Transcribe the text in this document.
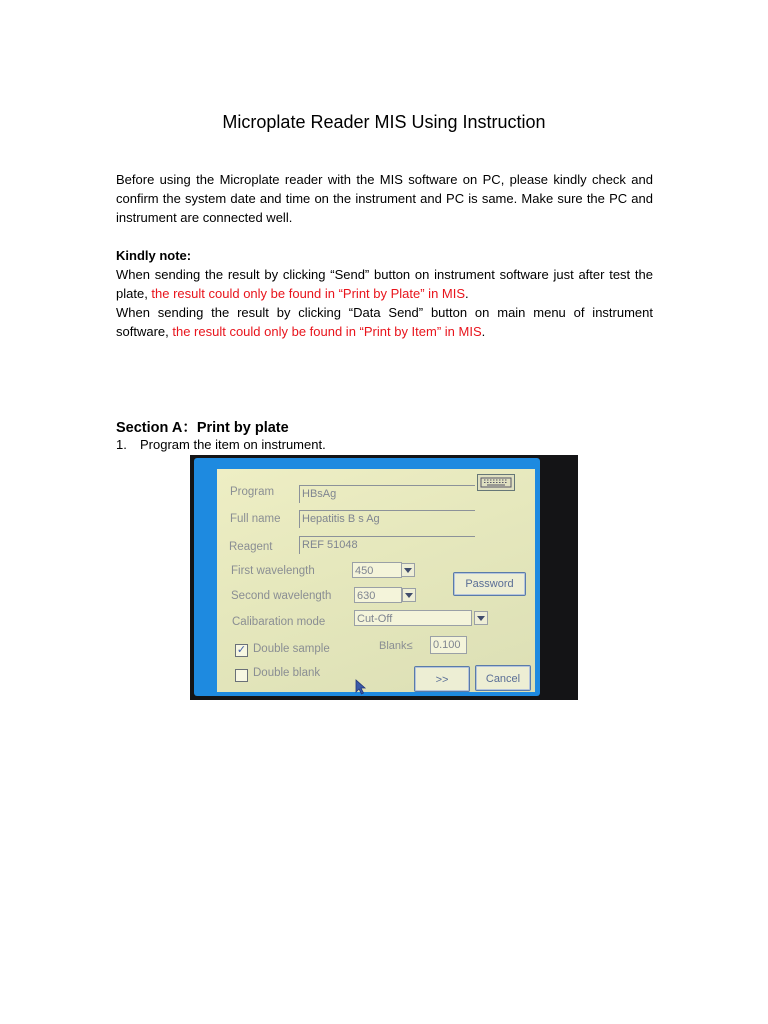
Microplate Reader MIS Using Instruction

Before using the Microplate reader with the MIS software on PC, please kindly check and confirm the system date and time on the instrument and PC is same. Make sure the PC and instrument are connected well.

Kindly note:
When sending the result by clicking “Send” button on instrument software just after test the plate, the result could only be found in “Print by Plate” in MIS.
When sending the result by clicking “Data Send” button on main menu of instrument software, the result could only be found in “Print by Item” in MIS.

Section A：Print by plate
1. Program the item on instrument.
Program	HBsAg
Full name Hepatitis B s Ag
Reagent	REF 51048
First wavelength	450
Second wavelength 630
Password
Calibaration mode	Cut-Off
✓ Double sample	Blank≤ 0.100
Double blank
>>	Cancel
